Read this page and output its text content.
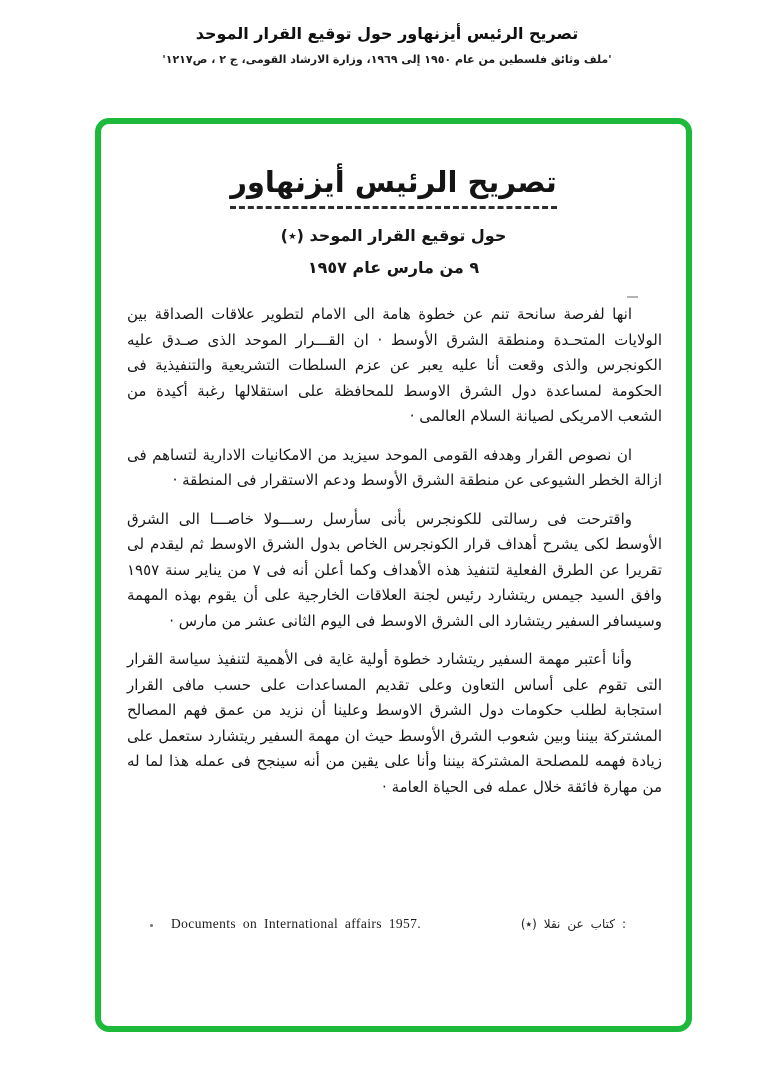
تصريح الرئيس أيزنهاور حول توقيع القرار الموحد
'ملف وثائق فلسطين من عام ١٩٥٠ إلى ١٩٦٩، وزارة الارشاد القومى، ج ٢ ، ص١٢١٧'
تصريح الرئيس أيزنهاور
حول توقيع القرار الموحد (٭)
٩ من مارس عام ١٩٥٧

انها لفرصة سانحة تنم عن خطوة هامة الى الامام لتطوير علاقات الصداقة بين الولايات المتحـدة ومنطقة الشرق الأوسط · ان القـــرار الموحد الذى صـدق عليه الكونجرس والذى وقعت أنا عليه يعبر عن عزم السلطات التشريعية والتنفيذية فى الحكومة لمساعدة دول الشرق الاوسط للمحافظة على استقلالها رغبة أكيدة من الشعب الامريكى لصيانة السلام العالمى ·

ان نصوص القرار وهدفه القومى الموحد سيزيد من الامكانيات الادارية لتساهم فى ازالة الخطر الشيوعى عن منطقة الشرق الأوسط ودعم الاستقرار فى المنطقة ·

واقترحت فى رسالتى للكونجرس بأنى سأرسل رســـولا خاصـــا الى الشرق الأوسط لكى يشرح أهداف قرار الكونجرس الخاص بدول الشرق الاوسط ثم ليقدم لى تقريرا عن الطرق الفعلية لتنفيذ هذه الأهداف وكما أعلن أنه فى ٧ من يناير سنة ١٩٥٧ وافق السيد جيمس ريتشارد رئيس لجنة العلاقات الخارجية على أن يقوم بهذه المهمة وسيسافر السفير ريتشارد الى الشرق الاوسط فى اليوم الثانى عشر من مارس ·

وأنا أعتبر مهمة السفير ريتشارد خطوة أولية غاية فى الأهمية لتنفيذ سياسة القرار التى تقوم على أساس التعاون وعلى تقديم المساعدات على حسب مافى القرار استجابة لطلب حكومات دول الشرق الاوسط وعلينا أن نزيد من عمق فهم المصالح المشتركة بيننا وبين شعوب الشرق الأوسط حيث ان مهمة السفير ريتشارد ستعمل على زيادة فهمه للمصلحة المشتركة بيننا وأنا على يقين من أنه سينجح فى عمله هذا لما له من مهارة فائقة خلال عمله فى الحياة العامة ·

Documents on International affairs 1957.	(٭) نقلا عن كتاب :
